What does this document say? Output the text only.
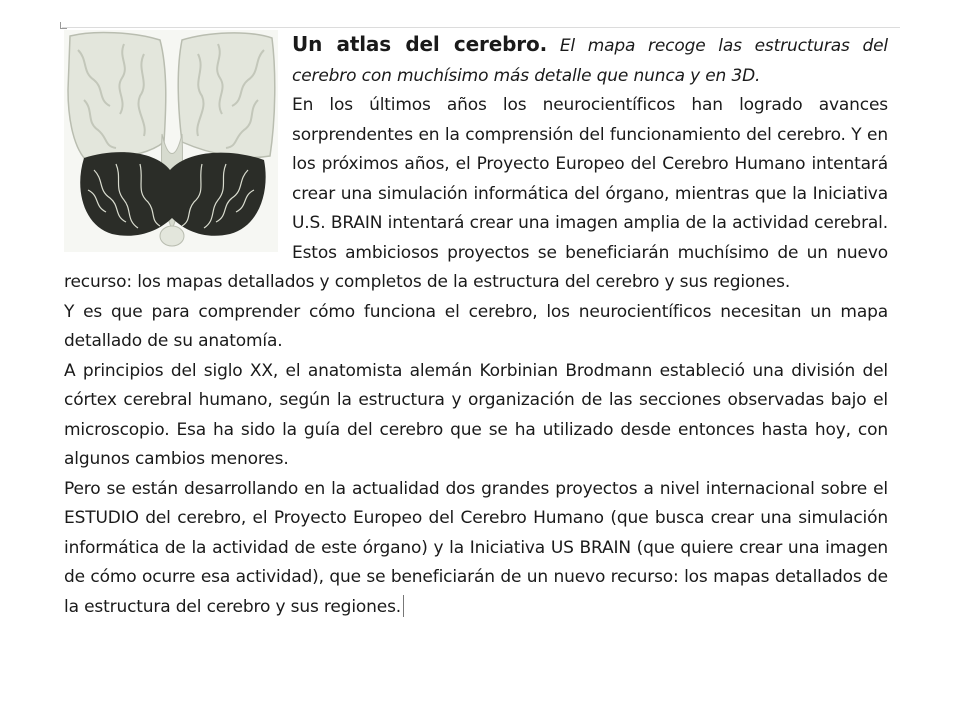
Un atlas del cerebro. El mapa recoge las estructuras del cerebro con muchísimo más detalle que nunca y en 3D.

En los últimos años los neurocientíficos han logrado avances sorprendentes en la comprensión del funcionamiento del cerebro. Y en los próximos años, el Proyecto Europeo del Cerebro Humano intentará crear una simulación informática del órgano, mientras que la Iniciativa U.S. BRAIN intentará crear una imagen amplia de la actividad cerebral. Estos ambiciosos proyectos se beneficiarán muchísimo de un nuevo recurso: los mapas detallados y completos de la estructura del cerebro y sus regiones.

Y es que para comprender cómo funciona el cerebro, los neurocientíficos necesitan un mapa detallado de su anatomía.

A principios del siglo XX, el anatomista alemán Korbinian Brodmann estableció una división del córtex cerebral humano, según la estructura y organización de las secciones observadas bajo el microscopio. Esa ha sido la guía del cerebro que se ha utilizado desde entonces hasta hoy, con algunos cambios menores.

Pero se están desarrollando en la actualidad dos grandes proyectos a nivel internacional sobre el ESTUDIO del cerebro, el Proyecto Europeo del Cerebro Humano (que busca crear una simulación informática de la actividad de este órgano) y la Iniciativa US BRAIN (que quiere crear una imagen de cómo ocurre esa actividad), que se beneficiarán de un nuevo recurso: los mapas detallados de la estructura del cerebro y sus regiones.
